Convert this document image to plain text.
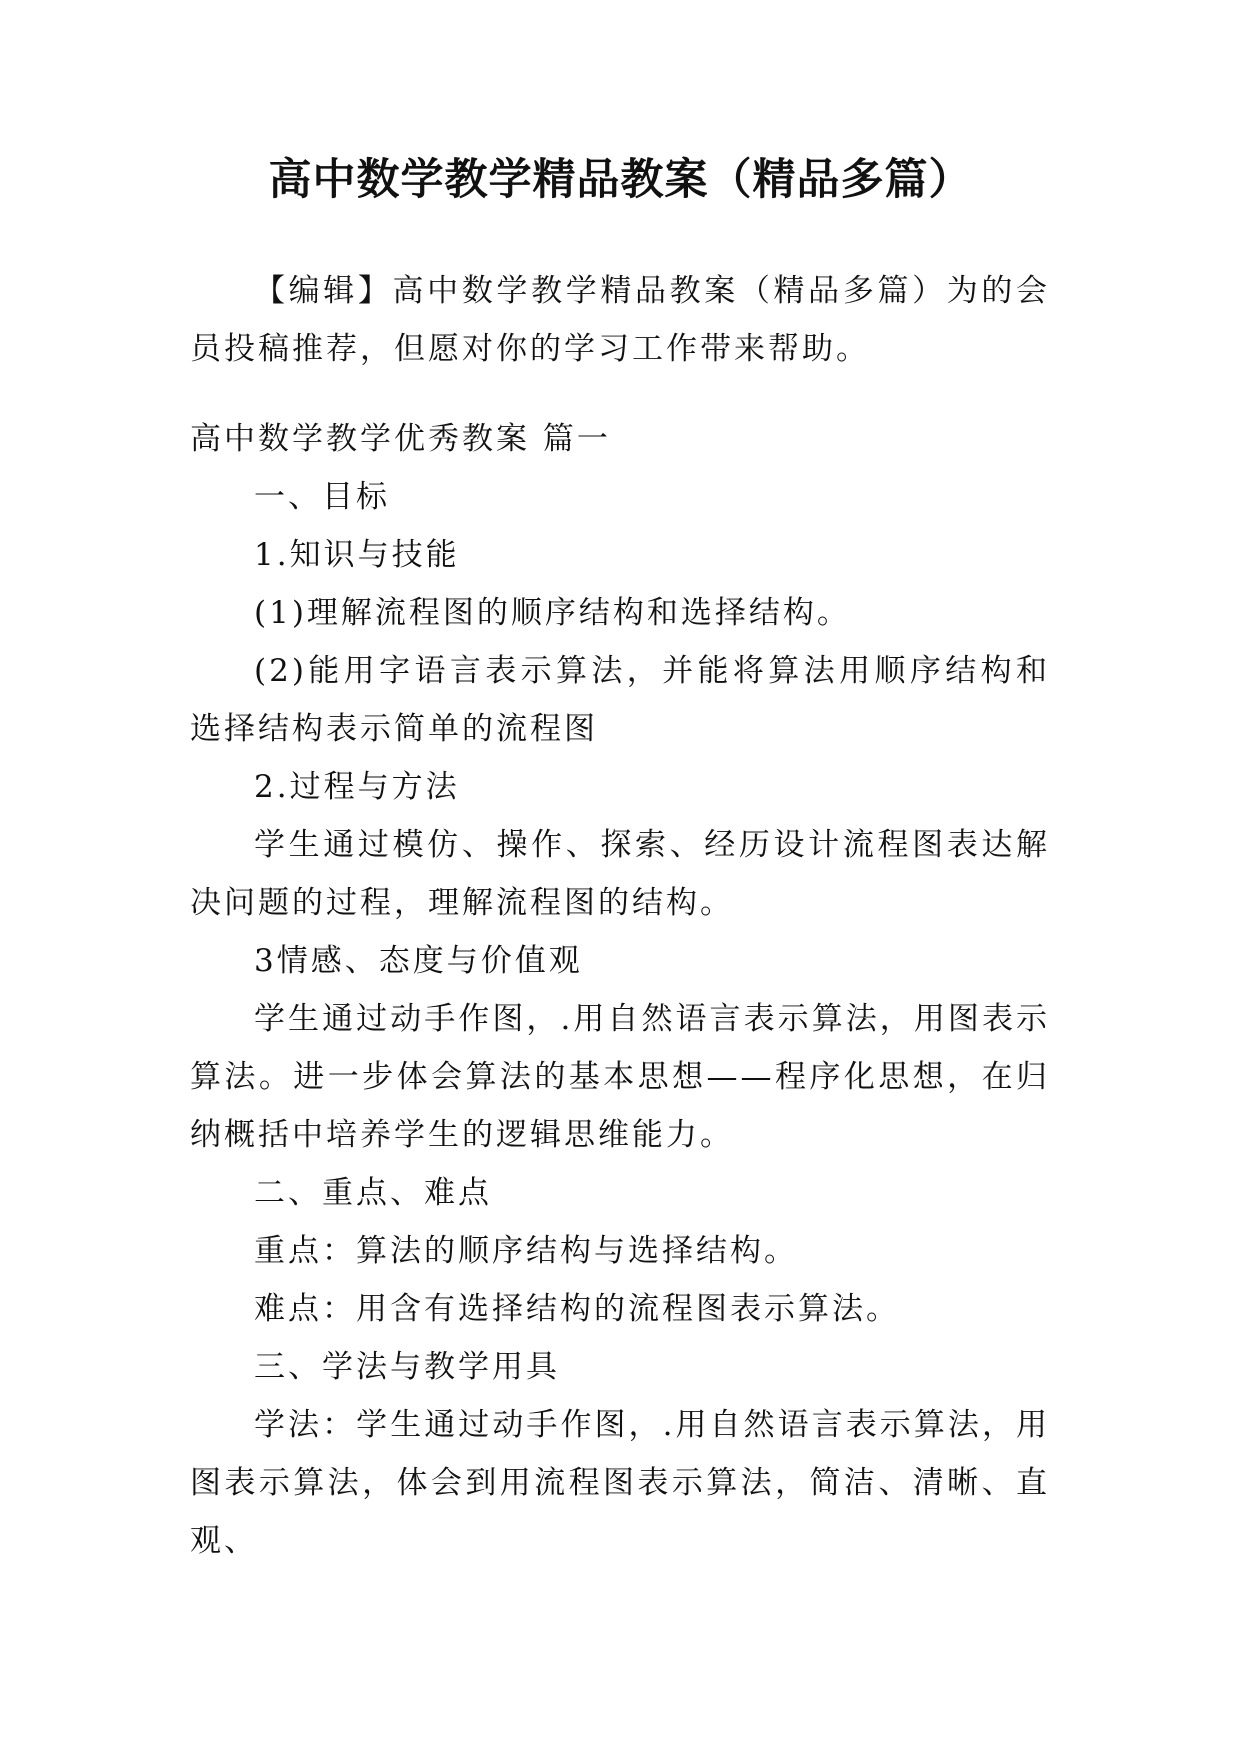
高中数学教学精品教案（精品多篇）

【编辑】高中数学教学精品教案（精品多篇）为的会员投稿推荐，但愿对你的学习工作带来帮助。

高中数学教学优秀教案 篇一

一、目标

1.知识与技能

(1)理解流程图的顺序结构和选择结构。

(2)能用字语言表示算法，并能将算法用顺序结构和选择结构表示简单的流程图

2.过程与方法

学生通过模仿、操作、探索、经历设计流程图表达解决问题的过程，理解流程图的结构。

3情感、态度与价值观

学生通过动手作图，.用自然语言表示算法，用图表示算法。进一步体会算法的基本思想——程序化思想，在归纳概括中培养学生的逻辑思维能力。

二、重点、难点

重点：算法的顺序结构与选择结构。

难点：用含有选择结构的流程图表示算法。

三、学法与教学用具

学法：学生通过动手作图，.用自然语言表示算法，用图表示算法，体会到用流程图表示算法，简洁、清晰、直观、
